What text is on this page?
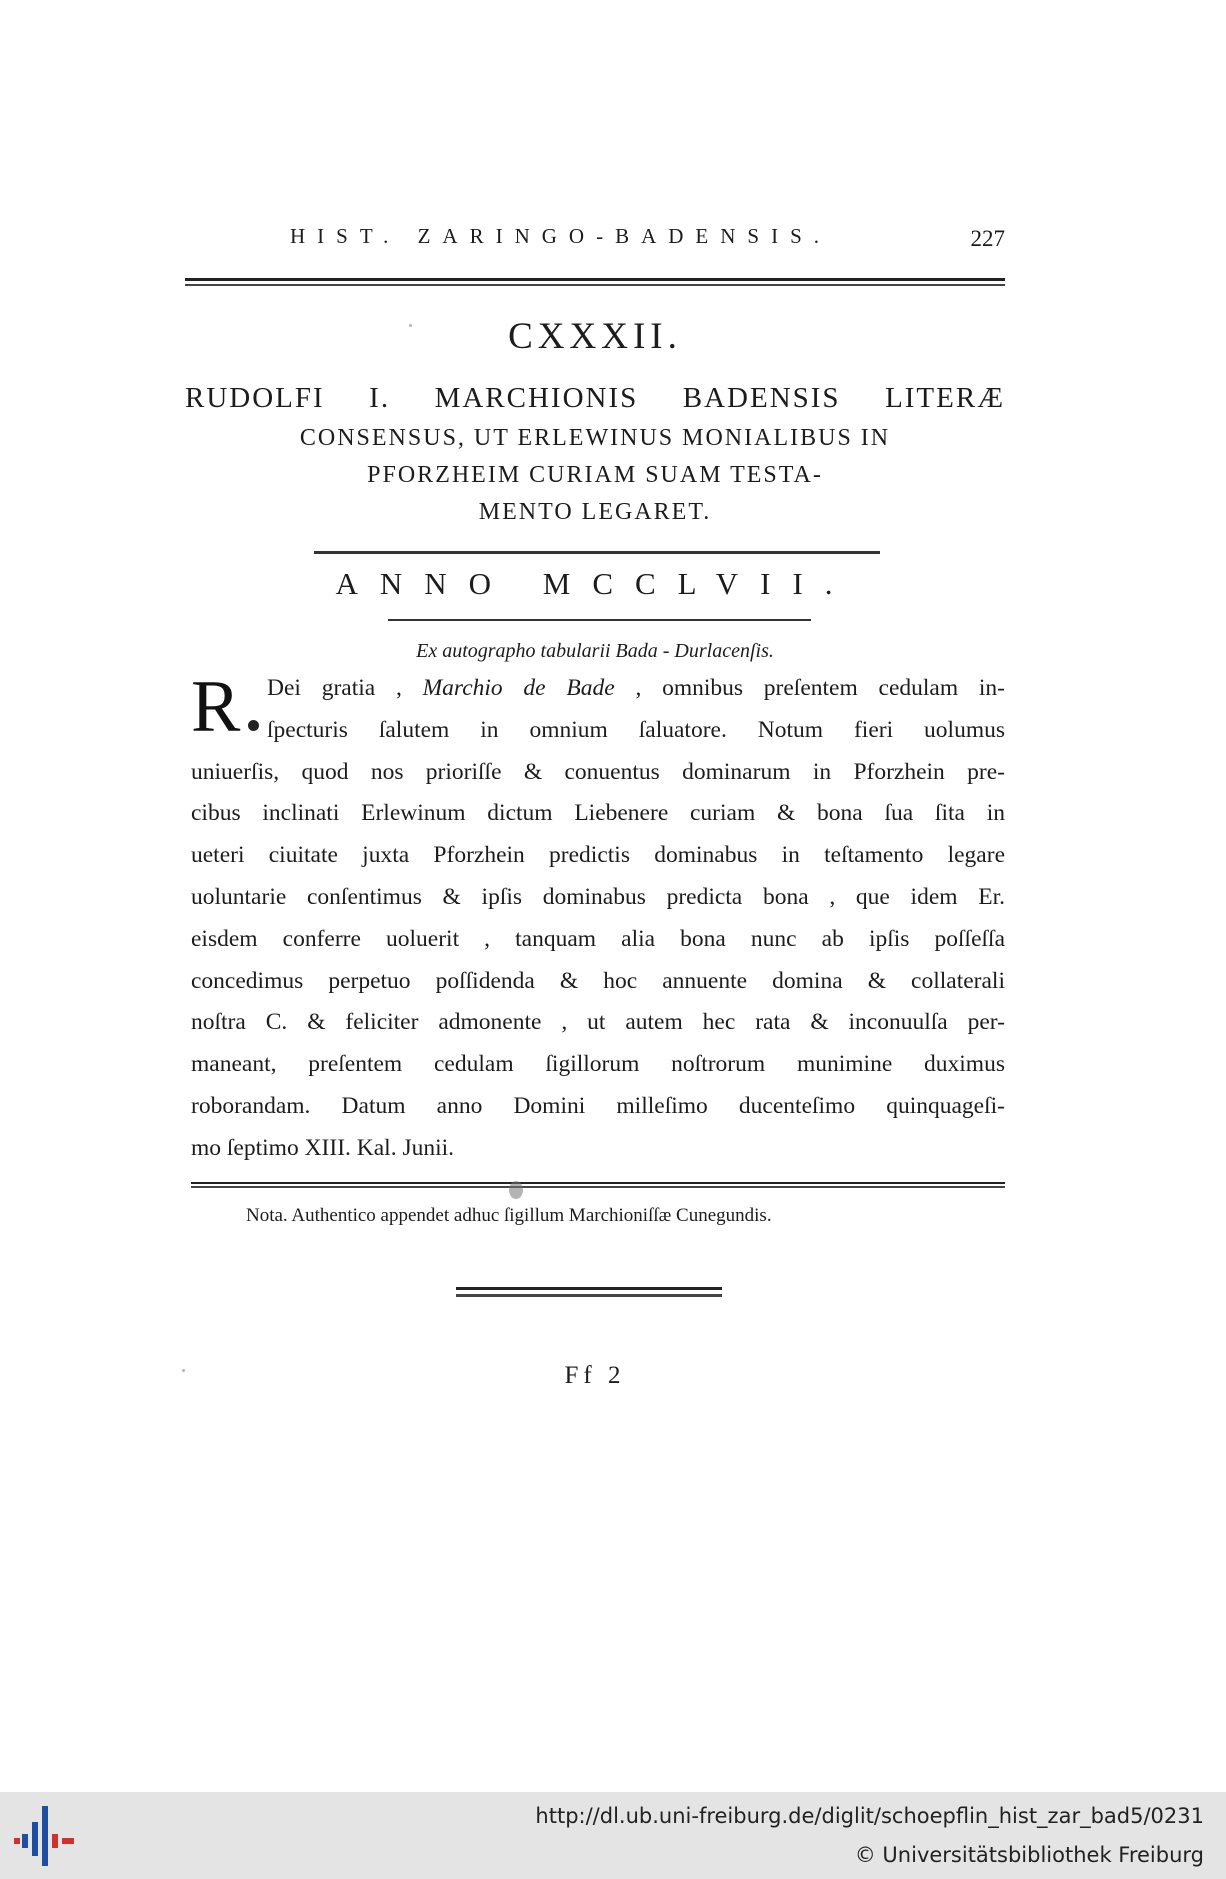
HIST. ZARINGO-BADENSIS.	227
CXXXII.
RUDOLFI I. MARCHIONIS BADENSIS LITERÆ
CONSENSUS, UT ERLEWINUS MONIALIBUS IN
PFORZHEIM CURIAM SUAM TESTA-
MENTO LEGARET.
ANNO MCCLVII.
Ex autographo tabularii Bada - Durlacenſis.
R	Dei gratia , Marchio de Bade , omnibus preſentem cedulam in-
ſpecturis ſalutem in omnium ſaluatore. Notum fieri uolumus
uniuerſis, quod nos prioriſſe & conuentus dominarum in Pforzhein pre-
cibus inclinati Erlewinum dictum Liebenere curiam & bona ſua ſita in
ueteri ciuitate juxta Pforzhein predictis dominabus in teſtamento legare
uoluntarie conſentimus & ipſis dominabus predicta bona , que idem Er.
eisdem conferre uoluerit , tanquam alia bona nunc ab ipſis poſſeſſa
concedimus perpetuo poſſidenda & hoc annuente domina & collaterali
noſtra C. & feliciter admonente , ut autem hec rata & inconuulſa per-
maneant, preſentem cedulam ſigillorum noſtrorum munimine duximus
roborandam. Datum anno Domini milleſimo ducenteſimo quinquageſi-
mo ſeptimo XIII. Kal. Junii.
Nota. Authentico appendet adhuc ſigillum Marchioniſſæ Cunegundis.
Ff 2
http://dl.ub.uni-freiburg.de/diglit/schoepflin_hist_zar_bad5/0231
© Universitätsbibliothek Freiburg
